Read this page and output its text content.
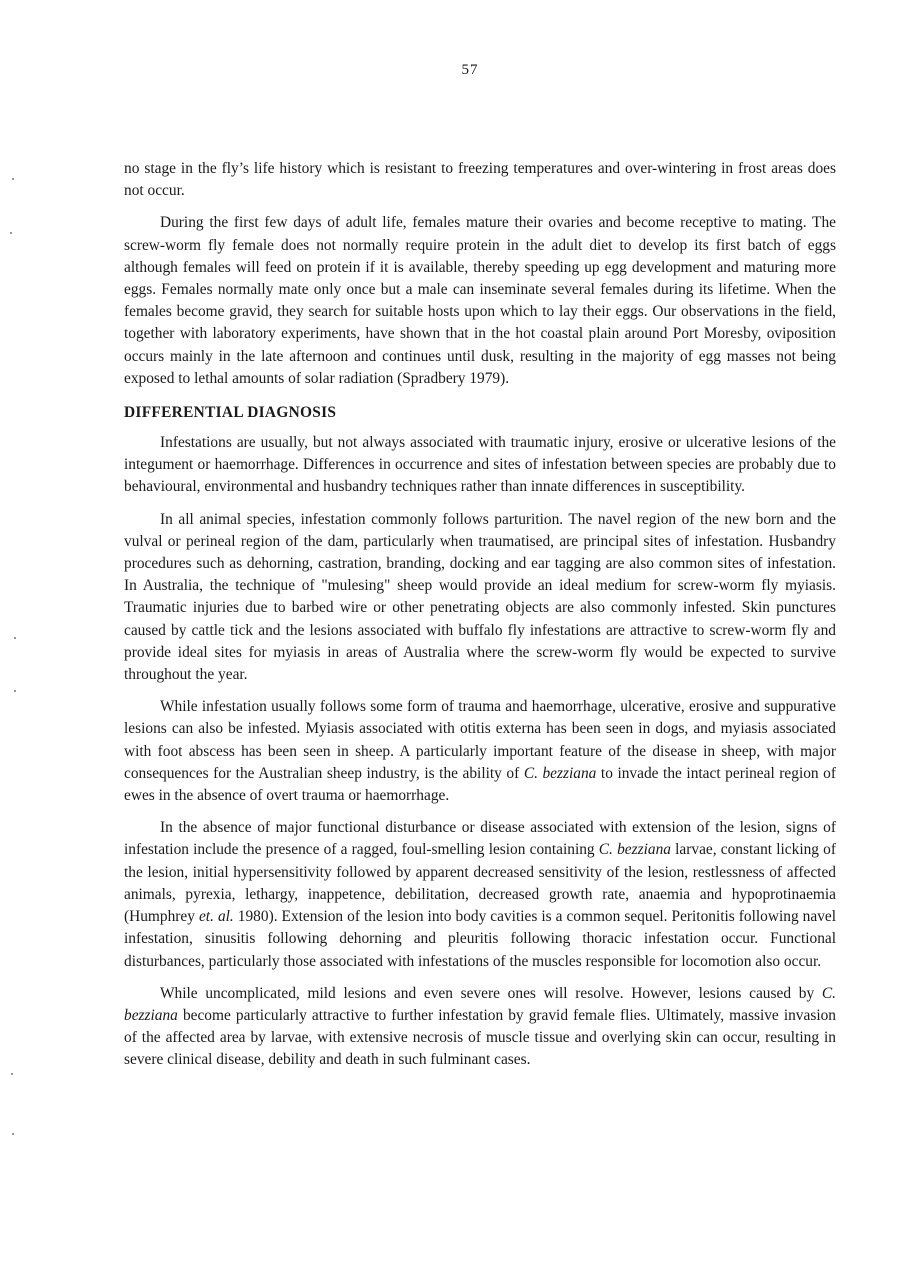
57

no stage in the fly’s life history which is resistant to freezing temperatures and over-wintering in frost areas does not occur.

During the first few days of adult life, females mature their ovaries and become receptive to mating. The screw-worm fly female does not normally require protein in the adult diet to develop its first batch of eggs although females will feed on protein if it is available, thereby speeding up egg development and maturing more eggs. Females normally mate only once but a male can inseminate several females during its lifetime. When the females become gravid, they search for suitable hosts upon which to lay their eggs. Our observations in the field, together with laboratory experiments, have shown that in the hot coastal plain around Port Moresby, oviposition occurs mainly in the late afternoon and continues until dusk, resulting in the majority of egg masses not being exposed to lethal amounts of solar radiation (Spradbery 1979).

DIFFERENTIAL DIAGNOSIS

Infestations are usually, but not always associated with traumatic injury, erosive or ulcerative lesions of the integument or haemorrhage. Differences in occurrence and sites of infestation between species are probably due to behavioural, environmental and husbandry techniques rather than innate differences in susceptibility.

In all animal species, infestation commonly follows parturition. The navel region of the new born and the vulval or perineal region of the dam, particularly when traumatised, are principal sites of infestation. Husbandry procedures such as dehorning, castration, branding, docking and ear tagging are also common sites of infestation. In Australia, the technique of "mulesing" sheep would provide an ideal medium for screw-worm fly myiasis. Traumatic injuries due to barbed wire or other penetrating objects are also commonly infested. Skin punctures caused by cattle tick and the lesions associated with buffalo fly infestations are attractive to screw-worm fly and provide ideal sites for myiasis in areas of Australia where the screw-worm fly would be expected to survive throughout the year.

While infestation usually follows some form of trauma and haemorrhage, ulcerative, erosive and suppurative lesions can also be infested. Myiasis associated with otitis externa has been seen in dogs, and myiasis associated with foot abscess has been seen in sheep. A particularly important feature of the disease in sheep, with major consequences for the Australian sheep industry, is the ability of C. bezziana to invade the intact perineal region of ewes in the absence of overt trauma or haemorrhage.

In the absence of major functional disturbance or disease associated with extension of the lesion, signs of infestation include the presence of a ragged, foul-smelling lesion containing C. bezziana larvae, constant licking of the lesion, initial hypersensitivity followed by apparent decreased sensitivity of the lesion, restlessness of affected animals, pyrexia, lethargy, inappetence, debilitation, decreased growth rate, anaemia and hypoprotinaemia (Humphrey et. al. 1980). Extension of the lesion into body cavities is a common sequel. Peritonitis following navel infestation, sinusitis following dehorning and pleuritis following thoracic infestation occur. Functional disturbances, particularly those associated with infestations of the muscles responsible for locomotion also occur.

While uncomplicated, mild lesions and even severe ones will resolve. However, lesions caused by C. bezziana become particularly attractive to further infestation by gravid female flies. Ultimately, massive invasion of the affected area by larvae, with extensive necrosis of muscle tissue and overlying skin can occur, resulting in severe clinical disease, debility and death in such fulminant cases.
